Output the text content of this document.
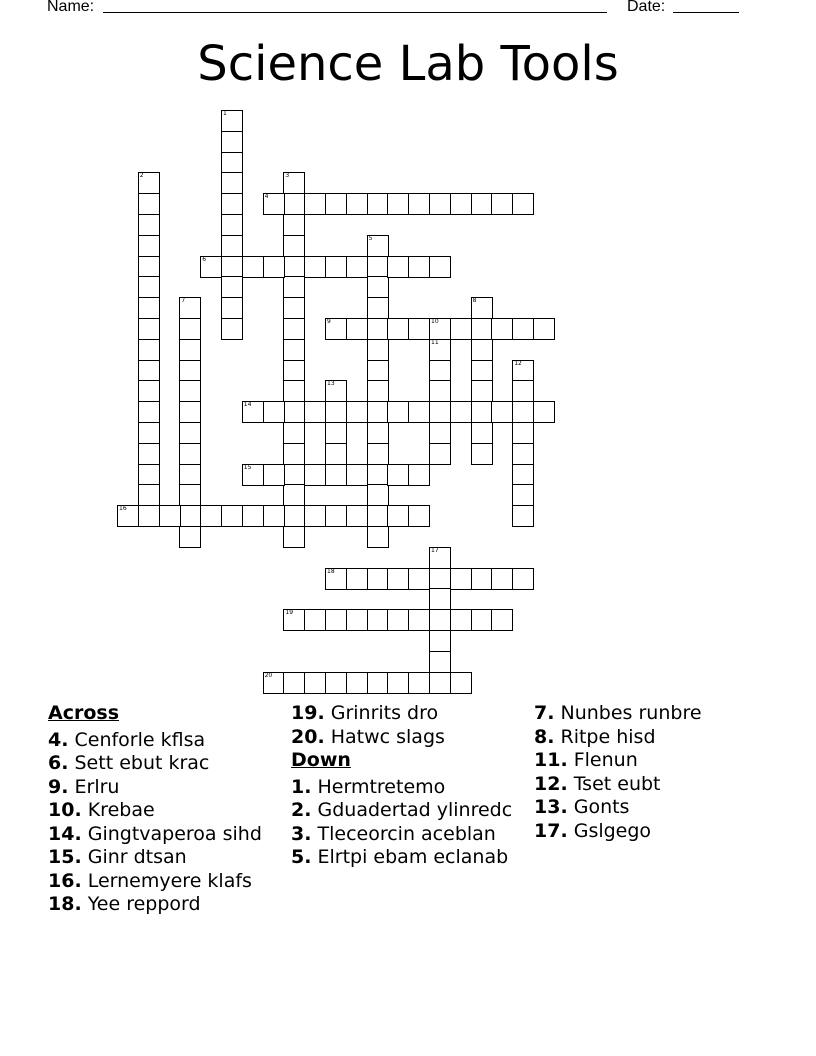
Name:	Date:
Science Lab Tools
1
2	3
4
5
6
7	8
9	10
11
12
13
14
15
16
17
18
19
20

Across

4. Cenforle kflsa

6. Sett ebut krac

9. Erlru

10. Krebae

14. Gingtvaperoa sihd

15. Ginr dtsan

16. Lernemyere klafs

18. Yee reppord

19. Grinrits dro

20. Hatwc slags

Down

1. Hermtretemo

2. Gduadertad ylinredc

3. Tleceorcin aceblan

5. Elrtpi ebam eclanab

7. Nunbes runbre

8. Ritpe hisd

11. Flenun

12. Tset eubt

13. Gonts

17. Gslgego
